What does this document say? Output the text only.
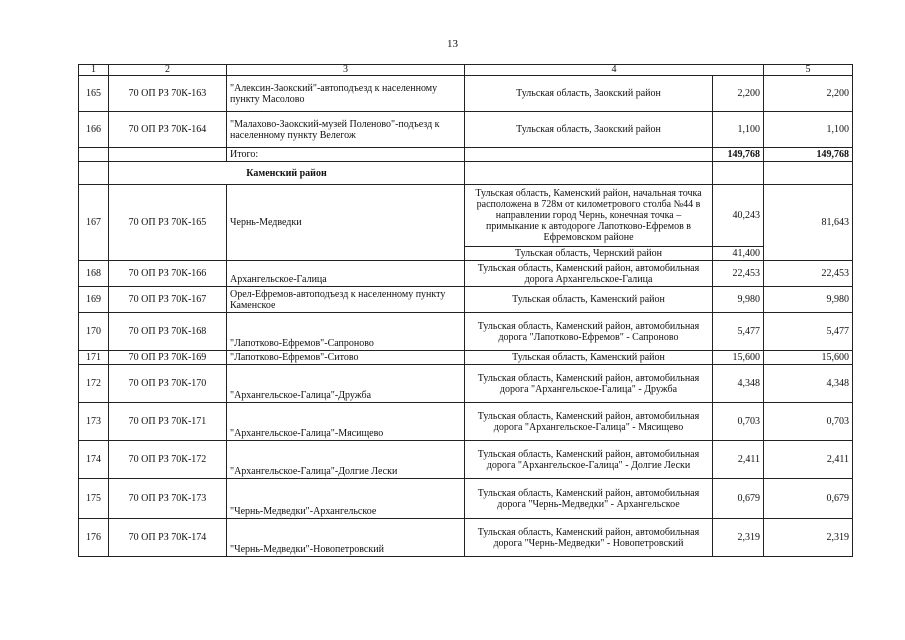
13
1	2	3	4		5
165	70 ОП РЗ 70К-163	"Алексин-Заокский"-автоподъезд к населенному пункту Масолово	Тульская область, Заокский район	2,200	2,200
166	70 ОП РЗ 70К-164	"Малахово-Заокский-музей Поленово"-подъезд к населенному пункту Велегож	Тульская область, Заокский район	1,100	1,100
		Итого:		149,768	149,768
	Каменский район				
167	70 ОП РЗ 70К-165	Чернь-Медведки	Тульская область, Каменский район, начальная точка расположена в 728м от километрового столба №44 в направлении город Чернь, конечная точка – примыкание к автодороге Лапотково-Ефремов в Ефремовском районе	40,243	81,643
			Тульская область, Чернский район	41,400	
168	70 ОП РЗ 70К-166	Архангельское-Галица	Тульская область, Каменский район, автомобильная дорога Архангельское-Галица	22,453	22,453
169	70 ОП РЗ 70К-167	Орел-Ефремов-автоподъезд к населенному пункту Каменское	Тульская область, Каменский район	9,980	9,980
170	70 ОП РЗ 70К-168	"Лапотково-Ефремов"-Сапроново	Тульская область, Каменский район, автомобильная дорога "Лапотково-Ефремов" - Сапроново	5,477	5,477
171	70 ОП РЗ 70К-169	"Лапотково-Ефремов"-Ситово	Тульская область, Каменский район	15,600	15,600
172	70 ОП РЗ 70К-170	"Архангельское-Галица"-Дружба	Тульская область, Каменский район, автомобильная дорога "Архангельское-Галица" - Дружба	4,348	4,348
173	70 ОП РЗ 70К-171	"Архангельское-Галица"-Мясищево	Тульская область, Каменский район, автомобильная дорога "Архангельское-Галица" - Мясищево	0,703	0,703
174	70 ОП РЗ 70К-172	"Архангельское-Галица"-Долгие Лески	Тульская область, Каменский район, автомобильная дорога "Архангельское-Галица" - Долгие Лески	2,411	2,411
175	70 ОП РЗ 70К-173	"Чернь-Медведки"-Архангельское	Тульская область, Каменский район, автомобильная дорога "Чернь-Медведки" - Архангельское	0,679	0,679
176	70 ОП РЗ 70К-174	"Чернь-Медведки"-Новопетровский	Тульская область, Каменский район, автомобильная дорога "Чернь-Медведки" - Новопетровский	2,319	2,319
